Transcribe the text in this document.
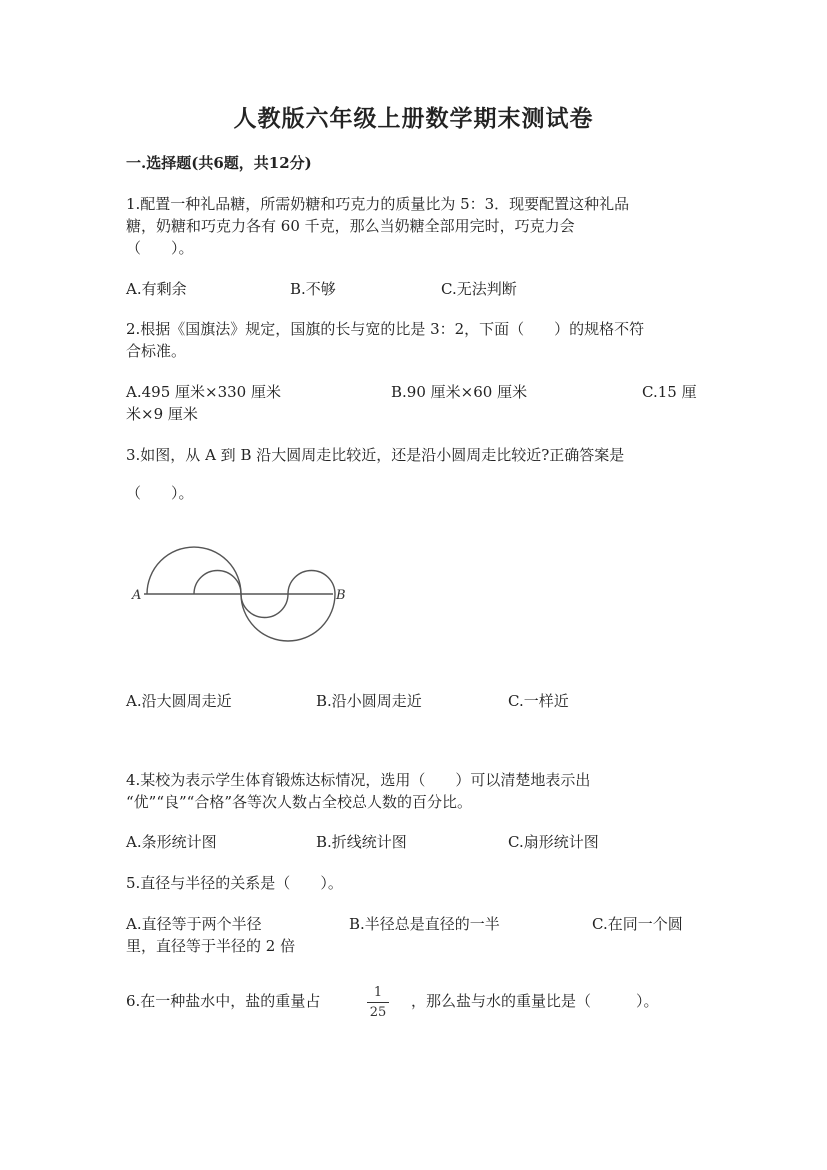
人教版六年级上册数学期末测试卷
一.选择题(共6题，共12分)
1.配置一种礼品糖，所需奶糖和巧克力的质量比为 5：3．现要配置这种礼品
糖，奶糖和巧克力各有 60 千克，那么当奶糖全部用完时，巧克力会
（　　）。
A.有剩余	B.不够	C.无法判断
2.根据《国旗法》规定，国旗的长与宽的比是 3：2，下面（　　）的规格不符
合标准。
A.495 厘米×330 厘米	B.90 厘米×60 厘米	C.15 厘
米×9 厘米
3.如图，从 A 到 B 沿大圆周走比较近，还是沿小圆周走比较近?正确答案是
（　　）。
A	B
A.沿大圆周走近	B.沿小圆周走近	C.一样近
4.某校为表示学生体育锻炼达标情况，选用（　　）可以清楚地表示出
“优”“良”“合格”各等次人数占全校总人数的百分比。
A.条形统计图	B.折线统计图	C.扇形统计图
5.直径与半径的关系是（　　）。
A.直径等于两个半径	B.半径总是直径的一半	C.在同一个圆
里，直径等于半径的 2 倍
6.在一种盐水中，盐的重量占	1
25
，那么盐与水的重量比是（　　　）。
